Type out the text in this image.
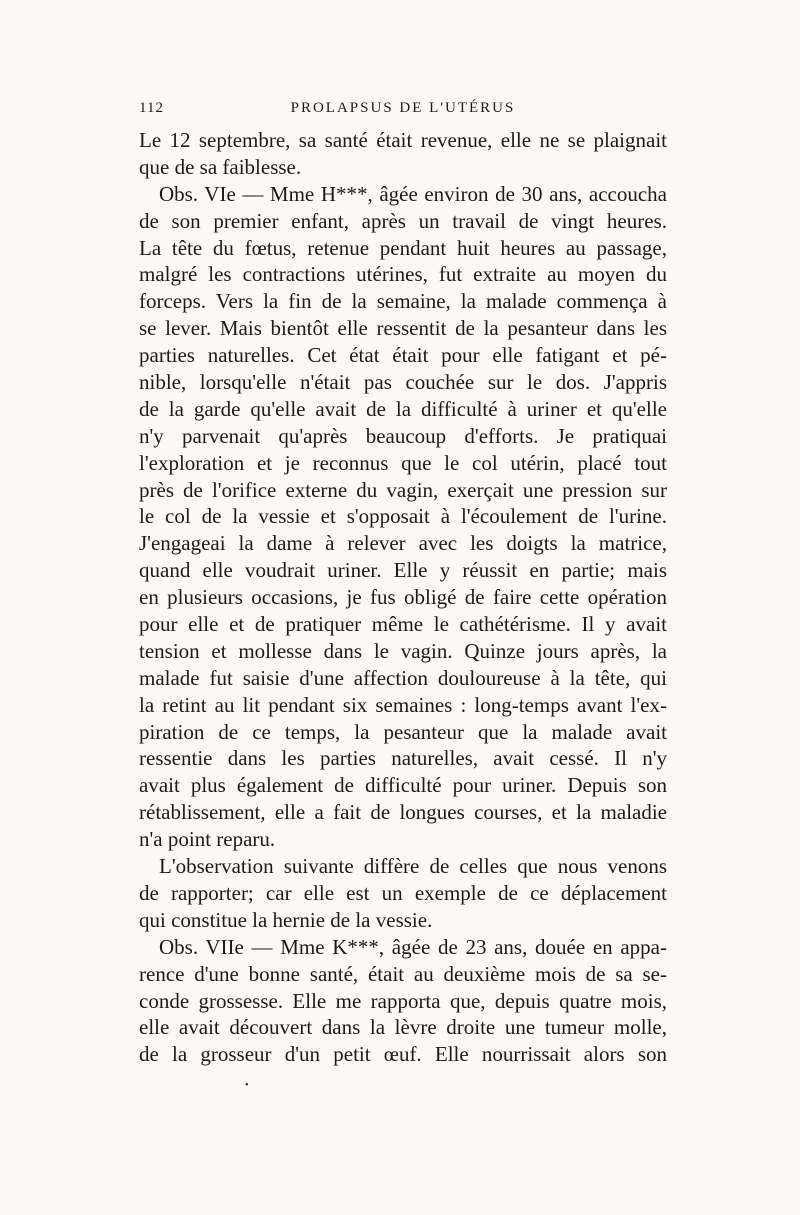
112	PROLAPSUS DE L'UTÉRUS
Le 12 septembre, sa santé était revenue, elle ne se plaignait
que de sa faiblesse.
Obs. VIe — Mme H***, âgée environ de 30 ans, accoucha
de son premier enfant, après un travail de vingt heures.
La tête du fœtus, retenue pendant huit heures au passage,
malgré les contractions utérines, fut extraite au moyen du
forceps. Vers la fin de la semaine, la malade commença à
se lever. Mais bientôt elle ressentit de la pesanteur dans les
parties naturelles. Cet état était pour elle fatigant et pé-
nible, lorsqu'elle n'était pas couchée sur le dos. J'appris
de la garde qu'elle avait de la difficulté à uriner et qu'elle
n'y parvenait qu'après beaucoup d'efforts. Je pratiquai
l'exploration et je reconnus que le col utérin, placé tout
près de l'orifice externe du vagin, exerçait une pression sur
le col de la vessie et s'opposait à l'écoulement de l'urine.
J'engageai la dame à relever avec les doigts la matrice,
quand elle voudrait uriner. Elle y réussit en partie; mais
en plusieurs occasions, je fus obligé de faire cette opération
pour elle et de pratiquer même le cathétérisme. Il y avait
tension et mollesse dans le vagin. Quinze jours après, la
malade fut saisie d'une affection douloureuse à la tête, qui
la retint au lit pendant six semaines : long-temps avant l'ex-
piration de ce temps, la pesanteur que la malade avait
ressentie dans les parties naturelles, avait cessé. Il n'y
avait plus également de difficulté pour uriner. Depuis son
rétablissement, elle a fait de longues courses, et la maladie
n'a point reparu.
L'observation suivante diffère de celles que nous venons
de rapporter; car elle est un exemple de ce déplacement
qui constitue la hernie de la vessie.
Obs. VIIe — Mme K***, âgée de 23 ans, douée en appa-
rence d'une bonne santé, était au deuxième mois de sa se-
conde grossesse. Elle me rapporta que, depuis quatre mois,
elle avait découvert dans la lèvre droite une tumeur molle,
de la grosseur d'un petit œuf. Elle nourrissait alors son
•
